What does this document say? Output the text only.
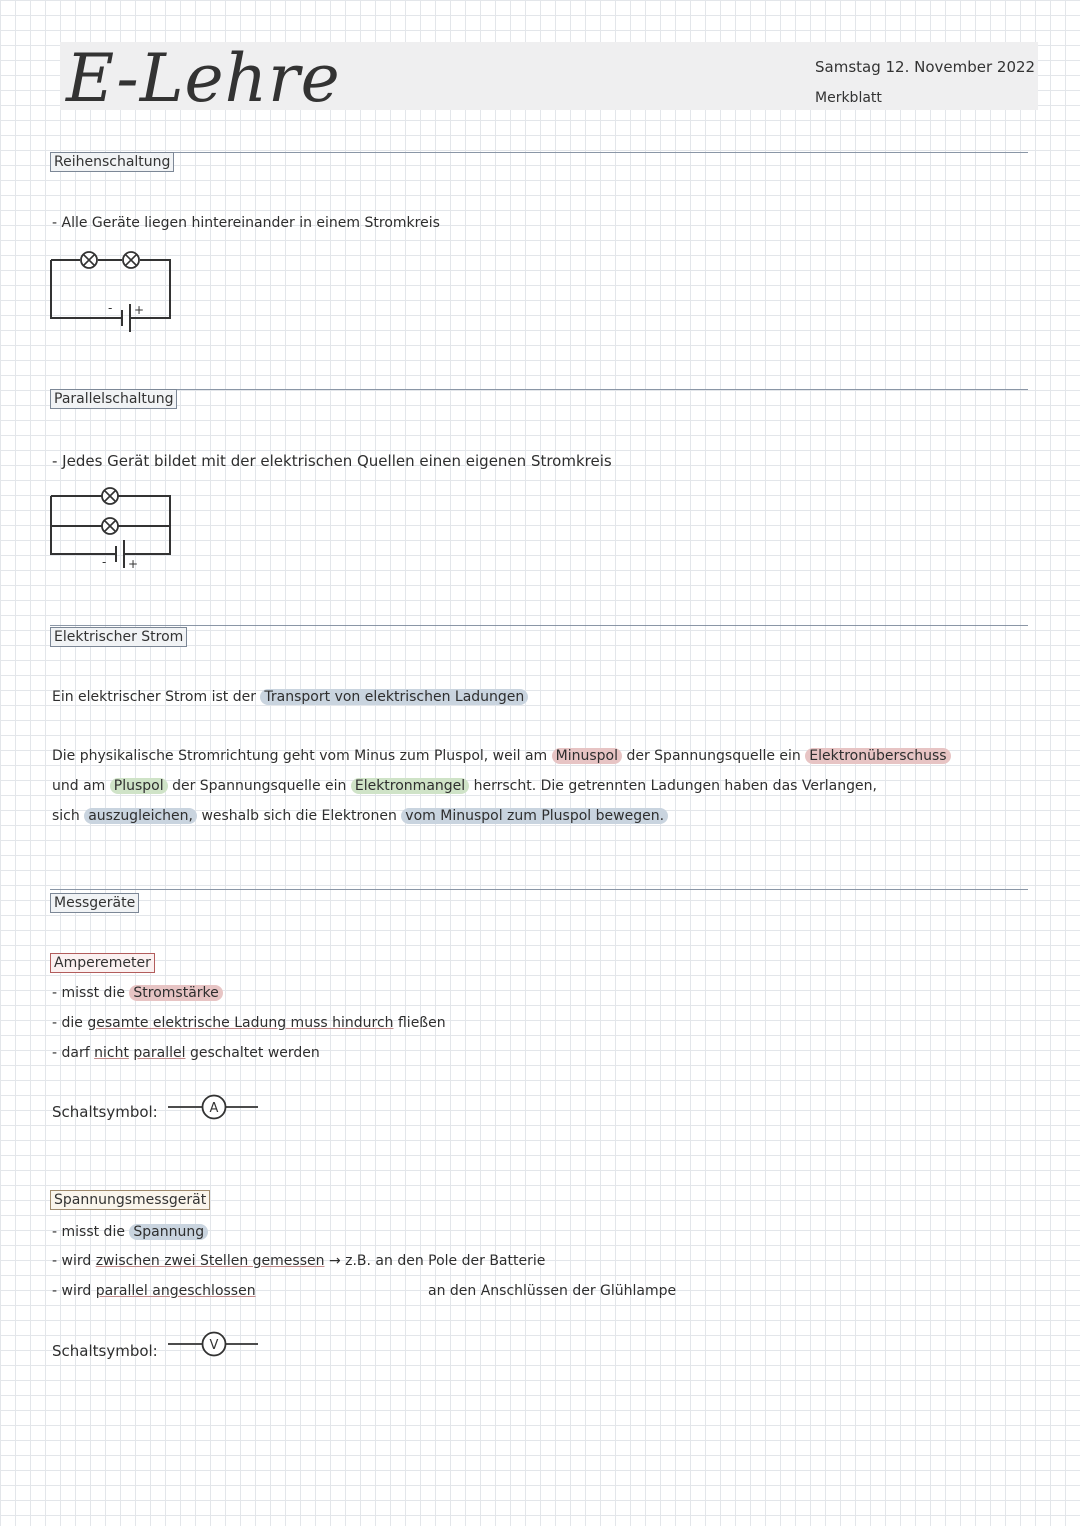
E-Lehre	Samstag 12. November 2022
Merkblatt
Reihenschaltung
- Alle Geräte liegen hintereinander in einem Stromkreis
- +
Parallelschaltung
- Jedes Gerät bildet mit der elektrischen Quellen einen eigenen Stromkreis
- +
Elektrischer Strom
Ein elektrischer Strom ist der Transport von elektrischen Ladungen
Die physikalische Stromrichtung geht vom Minus zum Pluspol, weil am Minuspol der Spannungsquelle ein Elektronüberschuss
und am Pluspol der Spannungsquelle ein Elektronmangel herrscht. Die getrennten Ladungen haben das Verlangen,
sich auszugleichen, weshalb sich die Elektronen vom Minuspol zum Pluspol bewegen.
Messgeräte
Amperemeter
- misst die Stromstärke
- die gesamte elektrische Ladung muss hindurch fließen
- darf nicht parallel geschaltet werden
Schaltsymbol:	A
Spannungsmessgerät
- misst die Spannung
- wird zwischen zwei Stellen gemessen → z.B. an den Pole der Batterie
- wird parallel angeschlossen	an den Anschlüssen der Glühlampe
Schaltsymbol:	V
